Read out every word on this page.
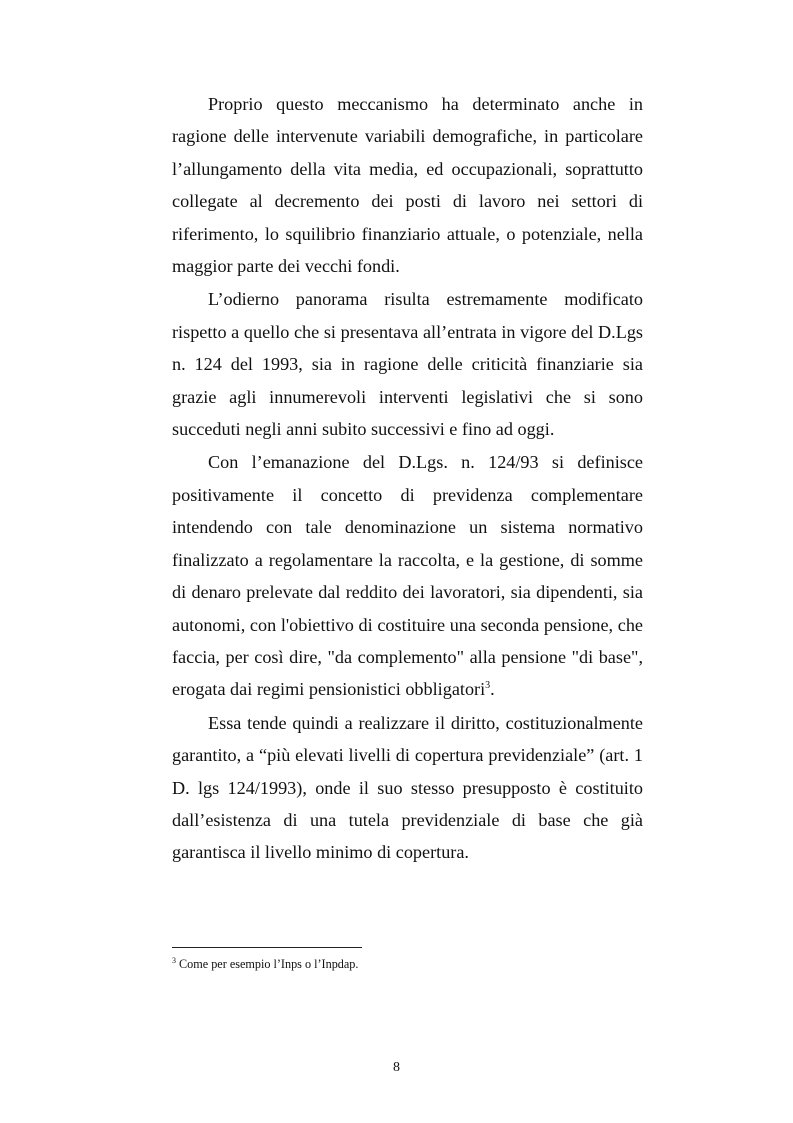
Proprio questo meccanismo ha determinato anche in ragione delle intervenute variabili demografiche, in particolare l’allungamento della vita media, ed occupazionali, soprattutto collegate al decremento dei posti di lavoro nei settori di riferimento, lo squilibrio finanziario attuale, o potenziale, nella maggior parte dei vecchi fondi.

L’odierno panorama risulta estremamente modificato rispetto a quello che si presentava all’entrata in vigore del D.Lgs n. 124 del 1993, sia in ragione delle criticità finanziarie sia grazie agli innumerevoli interventi legislativi che si sono succeduti negli anni subito successivi e fino ad oggi.

Con l’emanazione del D.Lgs. n. 124/93 si definisce positivamente il concetto di previdenza complementare intendendo con tale denominazione un sistema normativo finalizzato a regolamentare la raccolta, e la gestione, di somme di denaro prelevate dal reddito dei lavoratori, sia dipendenti, sia autonomi, con l'obiettivo di costituire una seconda pensione, che faccia, per così dire, "da complemento" alla pensione "di base", erogata dai regimi pensionistici obbligatori$^3$.

Essa tende quindi a realizzare il diritto, costituzionalmente garantito, a “più elevati livelli di copertura previdenziale” (art. 1 D. lgs 124/1993), onde il suo stesso presupposto è costituito dall’esistenza di una tutela previdenziale di base che già garantisca il livello minimo di copertura.

$^3$ Come per esempio l’Inps o l’Inpdap.

8
